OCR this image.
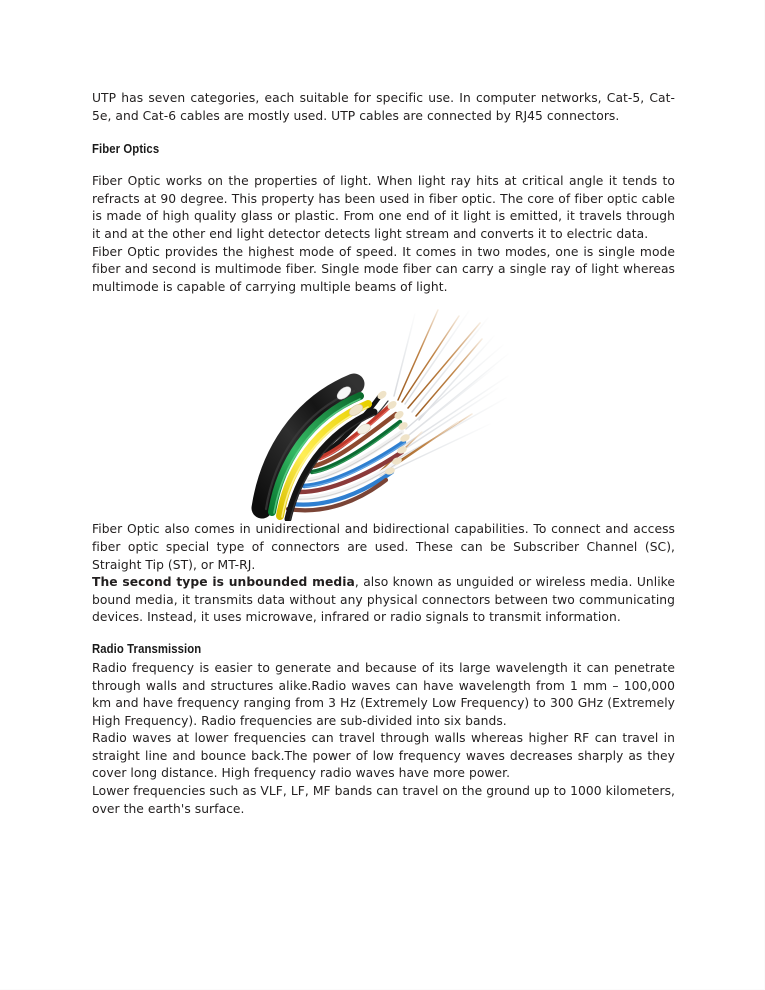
UTP has seven categories, each suitable for specific use. In computer networks, Cat-5, Cat-5e, and Cat-6 cables are mostly used. UTP cables are connected by RJ45 connectors.

Fiber Optics

Fiber Optic works on the properties of light. When light ray hits at critical angle it tends to refracts at 90 degree. This property has been used in fiber optic. The core of fiber optic cable is made of high quality glass or plastic. From one end of it light is emitted, it travels through it and at the other end light detector detects light stream and converts it to electric data.

Fiber Optic provides the highest mode of speed. It comes in two modes, one is single mode fiber and second is multimode fiber. Single mode fiber can carry a single ray of light whereas multimode is capable of carrying multiple beams of light.

Fiber Optic also comes in unidirectional and bidirectional capabilities. To connect and access fiber optic special type of connectors are used. These can be Subscriber Channel (SC), Straight Tip (ST), or MT-RJ.

The second type is unbounded media, also known as unguided or wireless media. Unlike bound media, it transmits data without any physical connectors between two communicating devices. Instead, it uses microwave, infrared or radio signals to transmit information.

Radio Transmission

Radio frequency is easier to generate and because of its large wavelength it can penetrate through walls and structures alike.Radio waves can have wavelength from 1 mm – 100,000 km and have frequency ranging from 3 Hz (Extremely Low Frequency) to 300 GHz (Extremely High Frequency). Radio frequencies are sub-divided into six bands.

Radio waves at lower frequencies can travel through walls whereas higher RF can travel in straight line and bounce back.The power of low frequency waves decreases sharply as they cover long distance. High frequency radio waves have more power.

Lower frequencies such as VLF, LF, MF bands can travel on the ground up to 1000 kilometers, over the earth's surface.
